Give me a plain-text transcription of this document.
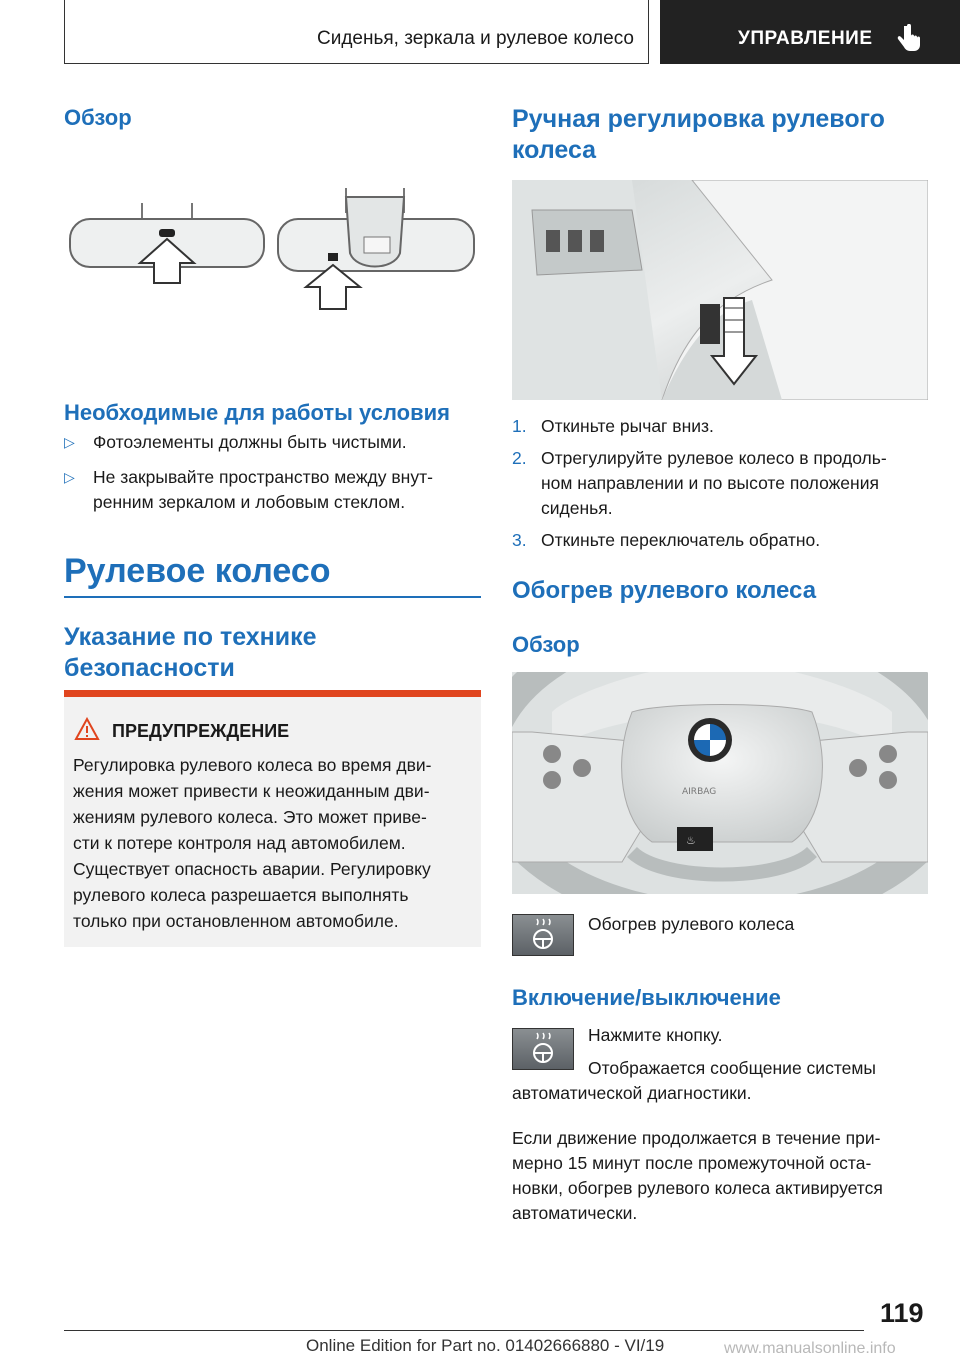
Сиденья, зеркала и рулевое колесо	УПРАВЛЕНИЕ
Обзор
Необходимые для работы условия
▷ Фотоэлементы должны быть чистыми.
▷ Не закрывайте пространство между внут-
ренним зеркалом и лобовым стеклом.
Рулевое колесо
Указание по технике
безопасности

ПРЕДУПРЕЖДЕНИЕ

Регулировка рулевого колеса во время дви-

жения может привести к неожиданным дви-

жениям рулевого колеса. Это может приве-

сти к потере контроля над автомобилем.

Существует опасность аварии. Регулировку

рулевого колеса разрешается выполнять

только при остановленном автомобиле.

Ручная регулировка рулевого
колеса
1. Откиньте рычаг вниз.
2. Отрегулируйте рулевое колесо в продоль-
ном направлении и по высоте положения
сиденья.
3. Откиньте переключатель обратно.
Обогрев рулевого колеса
Обзор
AIRBAG
♨

Обогрев рулевого колеса

Включение/выключение

Нажмите кнопку.

Отображается сообщение системы

автоматической диагностики.

Если движение продолжается в течение при-

мерно 15 минут после промежуточной оста-

новки, обогрев рулевого колеса активируется

автоматически.

119

Online Edition for Part no. 01402666880 - VI/19	www.manualsonline.info
